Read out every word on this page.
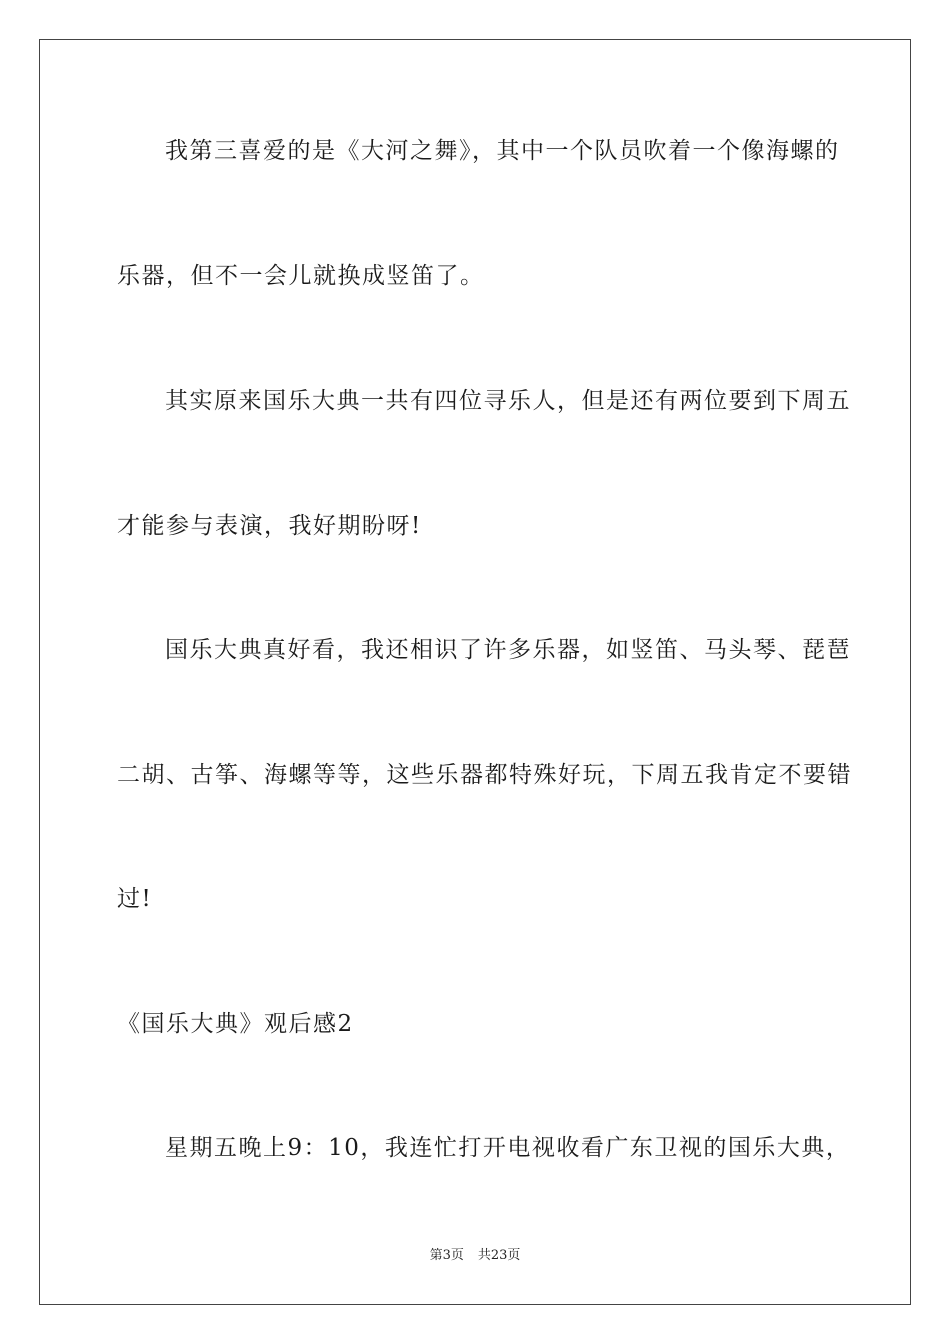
我第三喜爱的是《大河之舞》，其中一个队员吹着一个像海螺的
乐器，但不一会儿就换成竖笛了。
其实原来国乐大典一共有四位寻乐人，但是还有两位要到下周五
才能参与表演，我好期盼呀!
国乐大典真好看，我还相识了许多乐器，如竖笛、马头琴、琵琶
二胡、古筝、海螺等等，这些乐器都特殊好玩，下周五我肯定不要错
过!
《国乐大典》观后感2
星期五晚上9：10，我连忙打开电视收看广东卫视的国乐大典，
第3页 共23页
